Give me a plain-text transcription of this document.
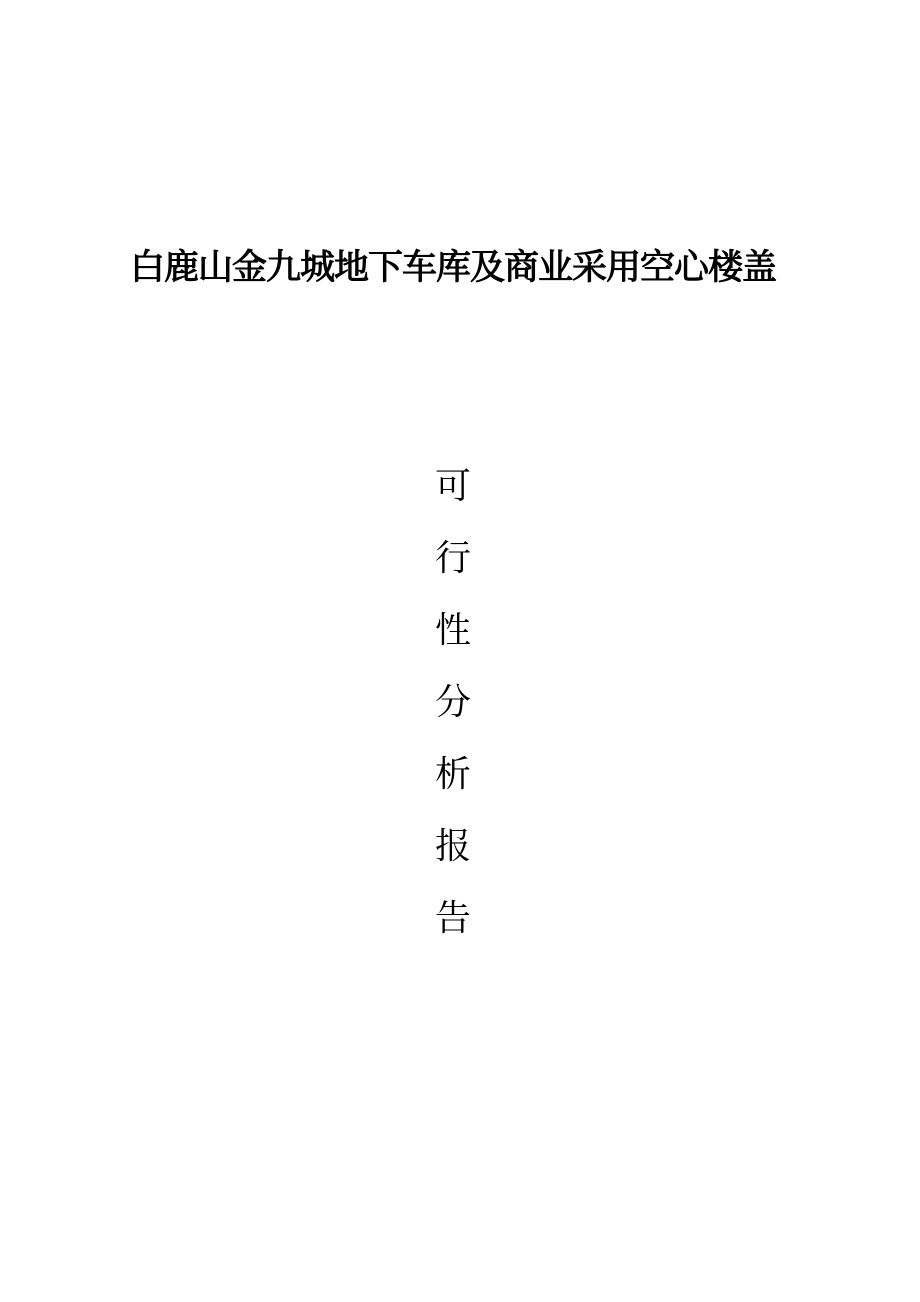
白鹿山金九城地下车库及商业采用空心楼盖
可
行
性
分
析
报
告
